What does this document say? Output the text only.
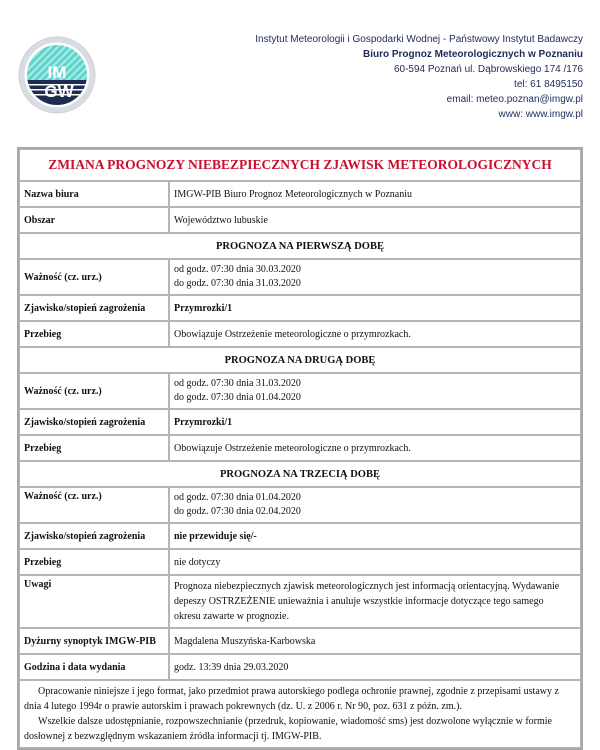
IM
GW
Instytut Meteorologii i Gospodarki Wodnej - Państwowy Instytut Badawczy
Biuro Prognoz Meteorologicznych w Poznaniu
60-594 Poznań ul. Dąbrowskiego 174 /176
tel: 61 8495150
email: meteo.poznan@imgw.pl
www: www.imgw.pl
ZMIANA PROGNOZY NIEBEZPIECZNYCH ZJAWISK METEOROLOGICZNYCH	
Nazwa biura	IMGW-PIB Biuro Prognoz Meteorologicznych w Poznaniu
Obszar	Województwo lubuskie
PROGNOZA NA PIERWSZĄ DOBĘ	
Ważność (cz. urz.)	od godz. 07:30 dnia 30.03.2020
do godz. 07:30 dnia 31.03.2020

Zjawisko/stopień zagrożenia	Przymrozki/1
Przebieg	Obowiązuje Ostrzeżenie meteorologiczne o przymrozkach.
PROGNOZA NA DRUGĄ DOBĘ	
Ważność (cz. urz.)	od godz. 07:30 dnia 31.03.2020
do godz. 07:30 dnia 01.04.2020

Zjawisko/stopień zagrożenia	Przymrozki/1
Przebieg	Obowiązuje Ostrzeżenie meteorologiczne o przymrozkach.
PROGNOZA NA TRZECIĄ DOBĘ	
Ważność (cz. urz.)	od godz. 07:30 dnia 01.04.2020
do godz. 07:30 dnia 02.04.2020

Zjawisko/stopień zagrożenia	nie przewiduje się/-
Przebieg	nie dotyczy
Uwagi	Prognoza niebezpiecznych zjawisk meteorologicznych jest informacją orientacyjną. Wydawanie depeszy OSTRZEŻENIE unieważnia i anuluje wszystkie informacje dotyczące tego samego okresu zawarte w prognozie.
Dyżurny synoptyk IMGW-PIB	Magdalena Muszyńska-Karbowska
Godzina i data wydania	godz. 13:39 dnia 29.03.2020

Opracowanie niniejsze i jego format, jako przedmiot prawa autorskiego podlega ochronie prawnej, zgodnie z przepisami ustawy z dnia 4 lutego 1994r o prawie autorskim i prawach pokrewnych (dz. U. z 2006 r. Nr 90, poz. 631 z późn. zm.).
Wszelkie dalsze udostępnianie, rozpowszechnianie (przedruk, kopiowanie, wiadomość sms) jest dozwolone wyłącznie w formie dosłownej z bezwzględnym wskazaniem źródła informacji tj. IMGW-PIB.	
